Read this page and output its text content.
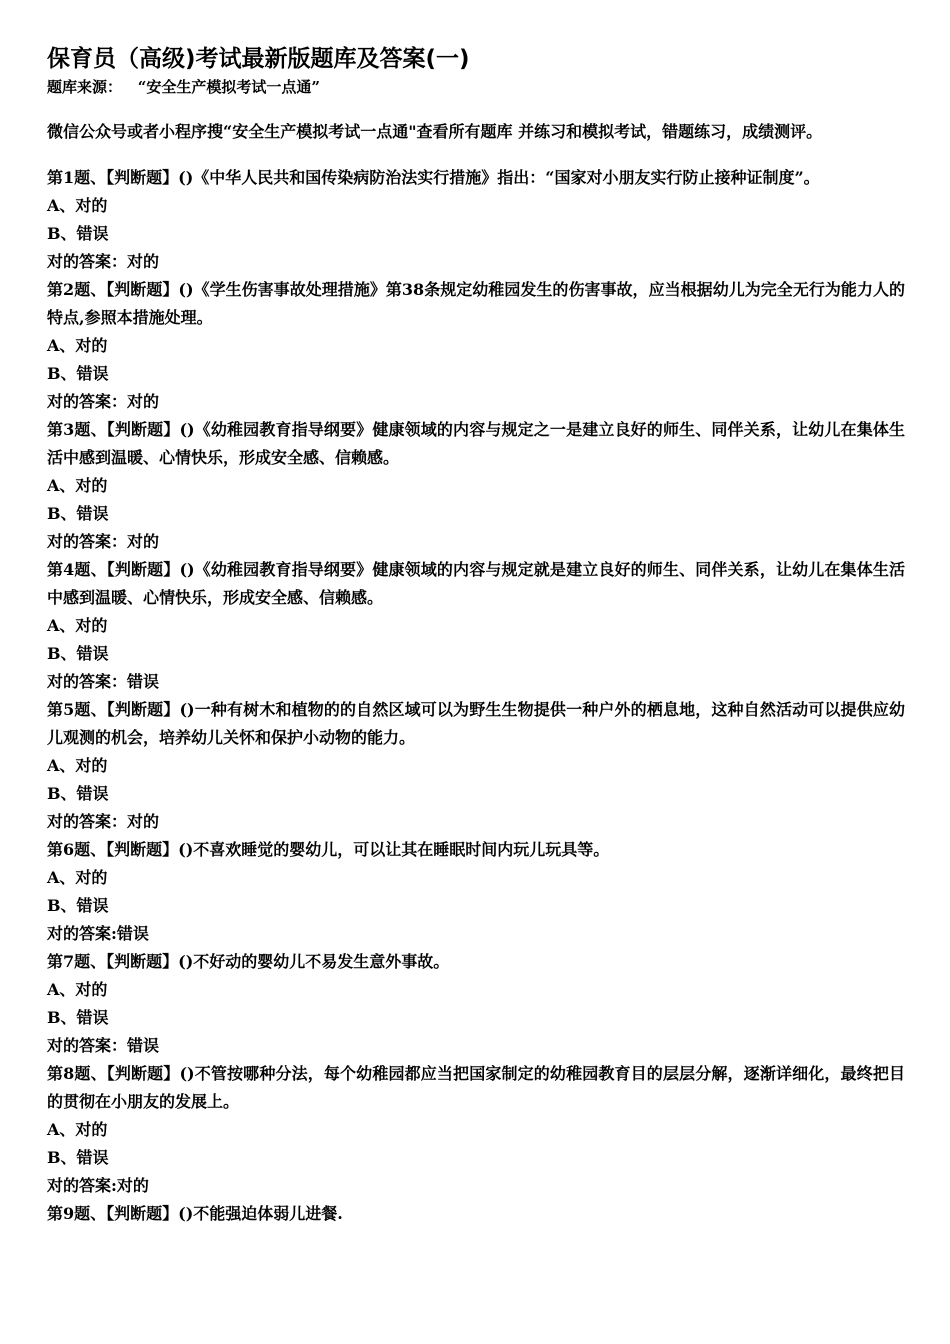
保育员（高级)考试最新版题库及答案(一)

题库来源： “安全生产模拟考试一点通”

微信公众号或者小程序搜“安全生产模拟考试一点通"查看所有题库 并练习和模拟考试，错题练习，成绩测评。

第1题、【判断题】()《中华人民共和国传染病防治法实行措施》指出：“国家对小朋友实行防止接种证制度”。

A、对的

B、错误

对的答案：对的

第2题、【判断题】()《学生伤害事故处理措施》第38条规定幼稚园发生的伤害事故，应当根据幼儿为完全无行为能力人的特点,参照本措施处理。

A、对的

B、错误

对的答案：对的

第3题、【判断题】()《幼稚园教育指导纲要》健康领域的内容与规定之一是建立良好的师生、同伴关系，让幼儿在集体生活中感到温暖、心情快乐，形成安全感、信赖感。

A、对的

B、错误

对的答案：对的

第4题、【判断题】()《幼稚园教育指导纲要》健康领域的内容与规定就是建立良好的师生、同伴关系，让幼儿在集体生活中感到温暖、心情快乐，形成安全感、信赖感。

A、对的

B、错误

对的答案：错误

第5题、【判断题】()一种有树木和植物的的自然区域可以为野生生物提供一种户外的栖息地，这种自然活动可以提供应幼儿观测的机会，培养幼儿关怀和保护小动物的能力。

A、对的

B、错误

对的答案：对的

第6题、【判断题】()不喜欢睡觉的婴幼儿，可以让其在睡眠时间内玩儿玩具等。

A、对的

B、错误

对的答案:错误

第7题、【判断题】()不好动的婴幼儿不易发生意外事故。

A、对的

B、错误

对的答案：错误

第8题、【判断题】()不管按哪种分法，每个幼稚园都应当把国家制定的幼稚园教育目的层层分解，逐渐详细化，最终把目的贯彻在小朋友的发展上。

A、对的

B、错误

对的答案:对的

第9题、【判断题】()不能强迫体弱儿进餐.
